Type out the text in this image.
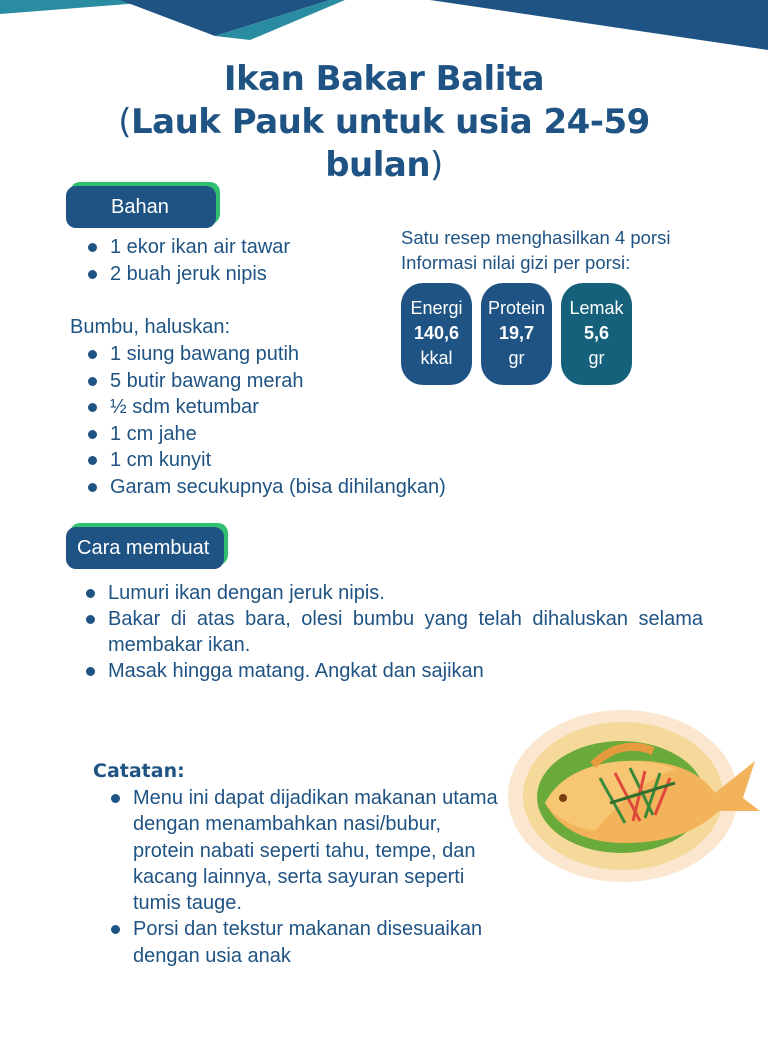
Ikan Bakar Balita
(Lauk Pauk untuk usia 24-59
bulan)
Bahan
1 ekor ikan air tawar
2 buah jeruk nipis
Bumbu, haluskan:
1 siung bawang putih
5 butir bawang merah
½ sdm ketumbar
1 cm jahe
1 cm kunyit
Garam secukupnya (bisa dihilangkan)
Satu resep menghasilkan 4 porsi
Informasi nilai gizi per porsi:
Energi
140,6
kkal
Protein
19,7
gr
Lemak
5,6
gr
Cara membuat
Lumuri ikan dengan jeruk nipis.
Bakar di atas bara, olesi bumbu yang telah dihaluskan selama membakar ikan.
Masak hingga matang. Angkat dan sajikan
Catatan:
Menu ini dapat dijadikan makanan utama dengan menambahkan nasi/bubur, protein nabati seperti tahu, tempe, dan kacang lainnya, serta sayuran seperti tumis tauge.
Porsi dan tekstur makanan disesuaikan dengan usia anak
